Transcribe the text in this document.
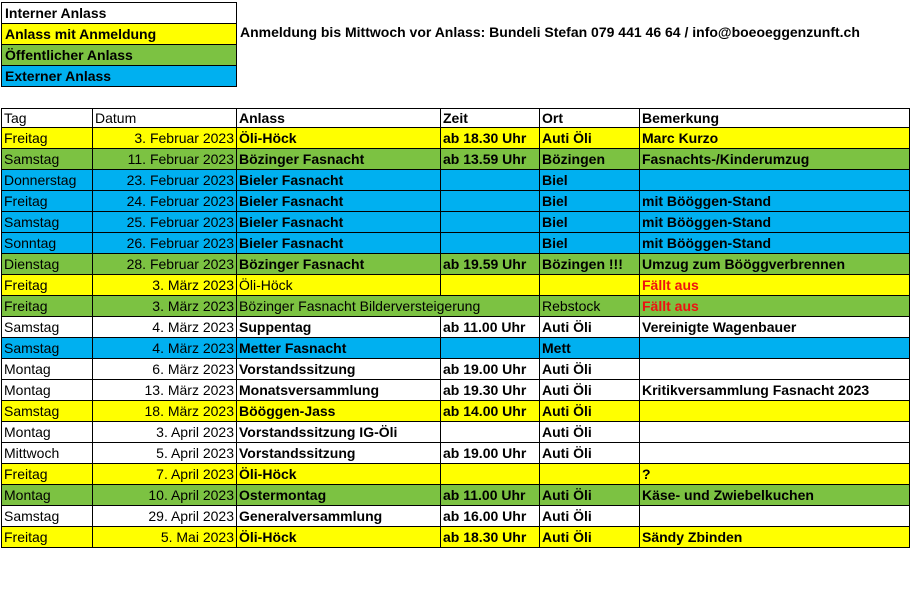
Interner Anlass
Anlass mit Anmeldung
Öffentlicher Anlass
Externer Anlass
Anmeldung bis Mittwoch vor Anlass: Bundeli Stefan 079 441 46 64 / info@boeoeggenzunft.ch
Tag	Datum	Anlass	Zeit	Ort	Bemerkung
Freitag	3. Februar 2023	Öli-Höck	ab 18.30 Uhr	Auti Öli	Marc Kurzo
Samstag	11. Februar 2023	Bözinger Fasnacht	ab 13.59 Uhr	Bözingen	Fasnachts-/Kinderumzug
Donnerstag	23. Februar 2023	Bieler Fasnacht		Biel	
Freitag	24. Februar 2023	Bieler Fasnacht		Biel	mit Bööggen-Stand
Samstag	25. Februar 2023	Bieler Fasnacht		Biel	mit Bööggen-Stand
Sonntag	26. Februar 2023	Bieler Fasnacht		Biel	mit Bööggen-Stand
Dienstag	28. Februar 2023	Bözinger Fasnacht	ab 19.59 Uhr	Bözingen !!!	Umzug zum Bööggverbrennen
Freitag	3. März 2023	Öli-Höck			Fällt aus
Freitag	3. März 2023	Bözinger Fasnacht Bilderversteigerung		Rebstock	Fällt aus
Samstag	4. März 2023	Suppentag	ab 11.00 Uhr	Auti Öli	Vereinigte Wagenbauer
Samstag	4. März 2023	Metter Fasnacht		Mett	
Montag	6. März 2023	Vorstandssitzung	ab 19.00 Uhr	Auti Öli	
Montag	13. März 2023	Monatsversammlung	ab 19.30 Uhr	Auti Öli	Kritikversammlung Fasnacht 2023
Samstag	18. März 2023	Bööggen-Jass	ab 14.00 Uhr	Auti Öli	
Montag	3. April 2023	Vorstandssitzung IG-Öli		Auti Öli	
Mittwoch	5. April 2023	Vorstandssitzung	ab 19.00 Uhr	Auti Öli	
Freitag	7. April 2023	Öli-Höck			?
Montag	10. April 2023	Ostermontag	ab 11.00 Uhr	Auti Öli	Käse- und Zwiebelkuchen
Samstag	29. April 2023	Generalversammlung	ab 16.00 Uhr	Auti Öli	
Freitag	5. Mai 2023	Öli-Höck	ab 18.30 Uhr	Auti Öli	Sändy Zbinden
